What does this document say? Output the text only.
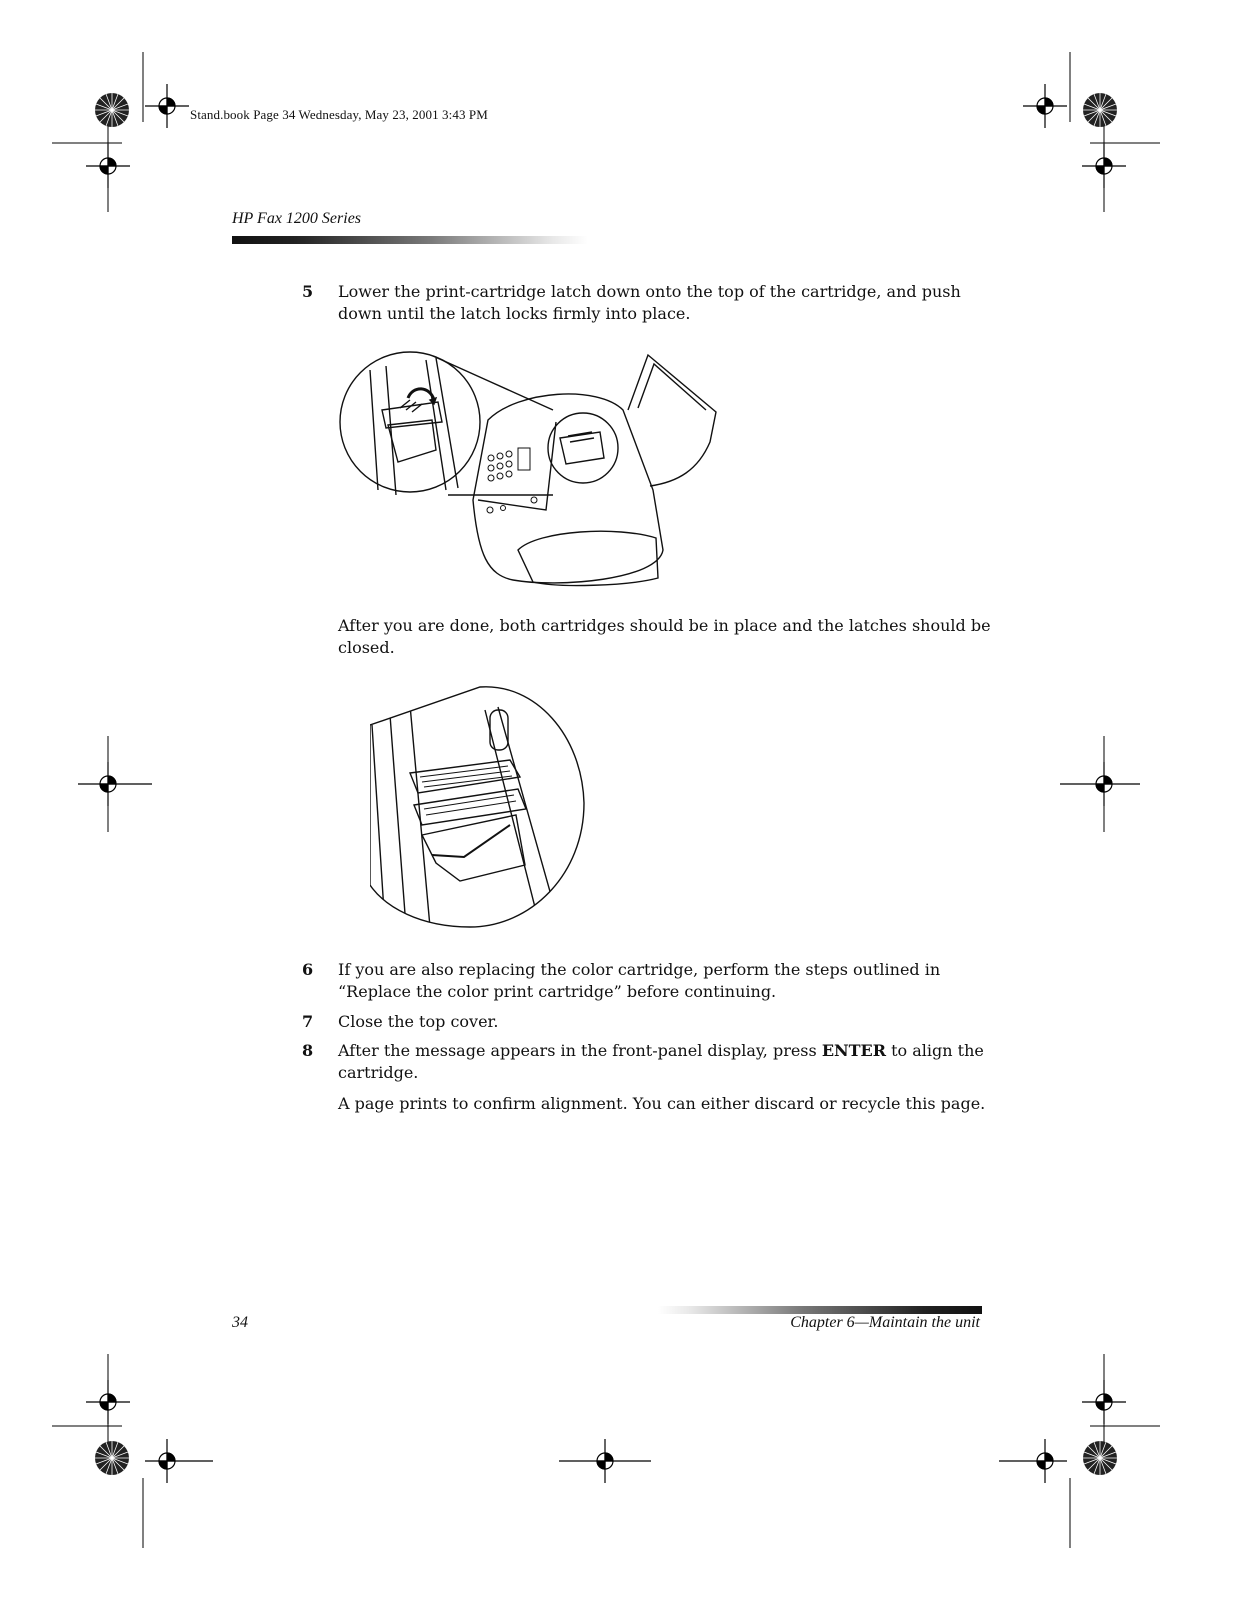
Stand.book Page 34 Wednesday, May 23, 2001 3:43 PM
HP Fax 1200 Series
5 Lower the print-cartridge latch down onto the top of the cartridge, and push down until the latch locks firmly into place.
After you are done, both cartridges should be in place and the latches should be closed.
6 If you are also replacing the color cartridge, perform the steps outlined in “Replace the color print cartridge” before continuing.
7 Close the top cover.
8 After the message appears in the front-panel display, press ENTER to align the cartridge.
A page prints to confirm alignment. You can either discard or recycle this page.
34	Chapter 6—Maintain the unit
